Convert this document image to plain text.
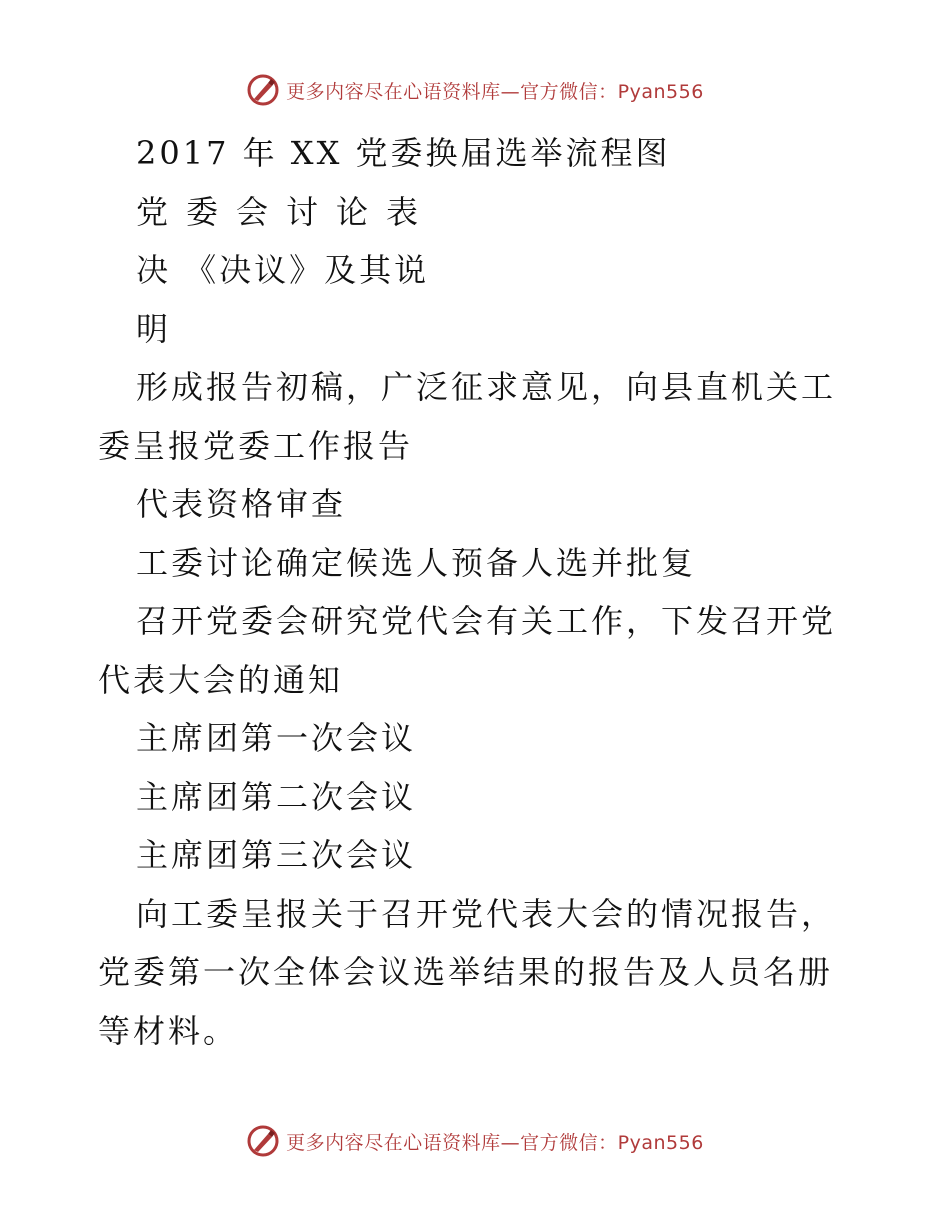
更多内容尽在心语资料库—官方微信：Pyan556

2017 年 XX 党委换届选举流程图

党委会讨论表

决 《决议》及其说

明

形成报告初稿，广泛征求意见，向县直机关工委呈报党委工作报告

代表资格审查

工委讨论确定候选人预备人选并批复

召开党委会研究党代会有关工作，下发召开党代表大会的通知

主席团第一次会议

主席团第二次会议

主席团第三次会议

向工委呈报关于召开党代表大会的情况报告，党委第一次全体会议选举结果的报告及人员名册等材料。

更多内容尽在心语资料库—官方微信：Pyan556
